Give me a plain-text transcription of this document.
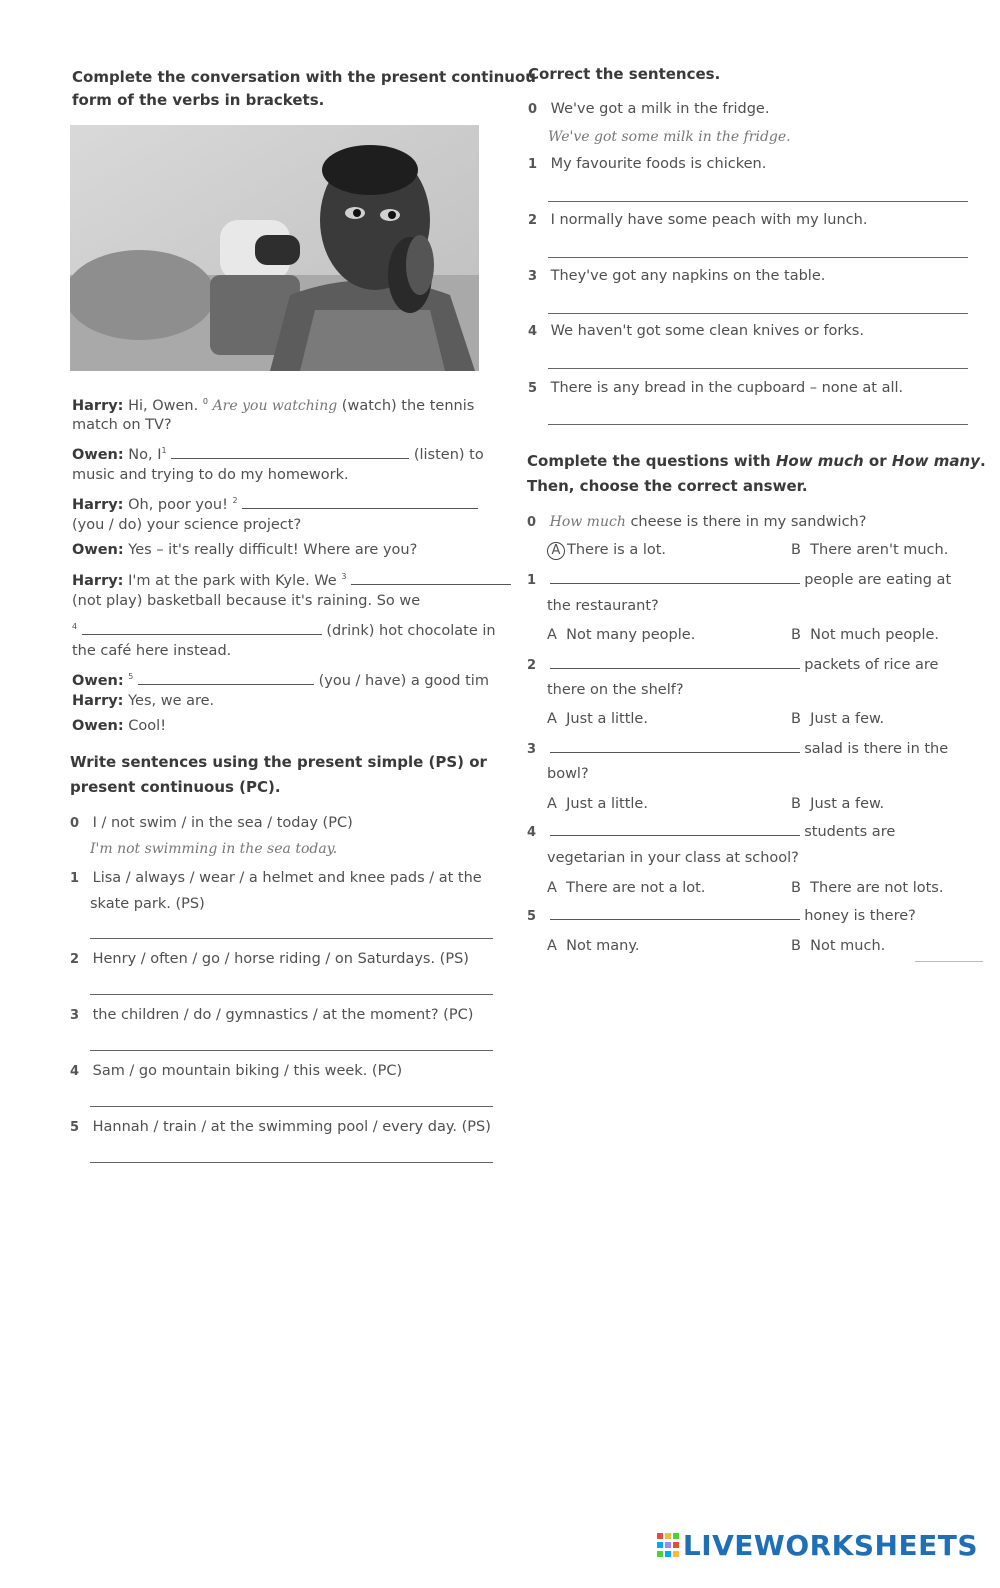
Complete the conversation with the present continuou
form of the verbs in brackets.
Harry: Hi, Owen. $^0$ Are you watching (watch) the tennis
match on TV?
Owen: No, $I^1$	(listen) to
music and trying to do my homework.
Harry: Oh, poor you! $^2$
(you / do) your science project?
Owen: Yes – it's really difficult! Where are you?
Harry: I'm at the park with Kyle. We $^3$
(not play) basketball because it's raining. So we
$^4$	(drink) hot chocolate in
the café here instead.
Owen: $^5$	(you / have) a good tim
Harry: Yes, we are.
Owen: Cool!
Write sentences using the present simple (PS) or
present continuous (PC).
0 I / not swim / in the sea / today (PC)
I'm not swimming in the sea today.
1 Lisa / always / wear / a helmet and knee pads / at the
skate park. (PS)
2 Henry / often / go / horse riding / on Saturdays. (PS)
3 the children / do / gymnastics / at the moment? (PC)
4 Sam / go mountain biking / this week. (PC)
5 Hannah / train / at the swimming pool / every day. (PS)
Correct the sentences.
0 We've got a milk in the fridge.
We've got some milk in the fridge.
1 My favourite foods is chicken.
2 I normally have some peach with my lunch.
3 They've got any napkins on the table.
4 We haven't got some clean knives or forks.
5 There is any bread in the cupboard – none at all.
Complete the questions with How much or How many.
Then, choose the correct answer.
0 How much cheese is there in my sandwich?
A There is a lot.	B There aren't much.
1	people are eating at
the restaurant?
A Not many people.	B Not much people.
2	packets of rice are
there on the shelf?
A Just a little.	B Just a few.
3	salad is there in the
bowl?
A Just a little.	B Just a few.
4	students are
vegetarian in your class at school?
A There are not a lot.	B There are not lots.
5	honey is there?
A Not many.	B Not much.
LIVEWORKSHEETS
